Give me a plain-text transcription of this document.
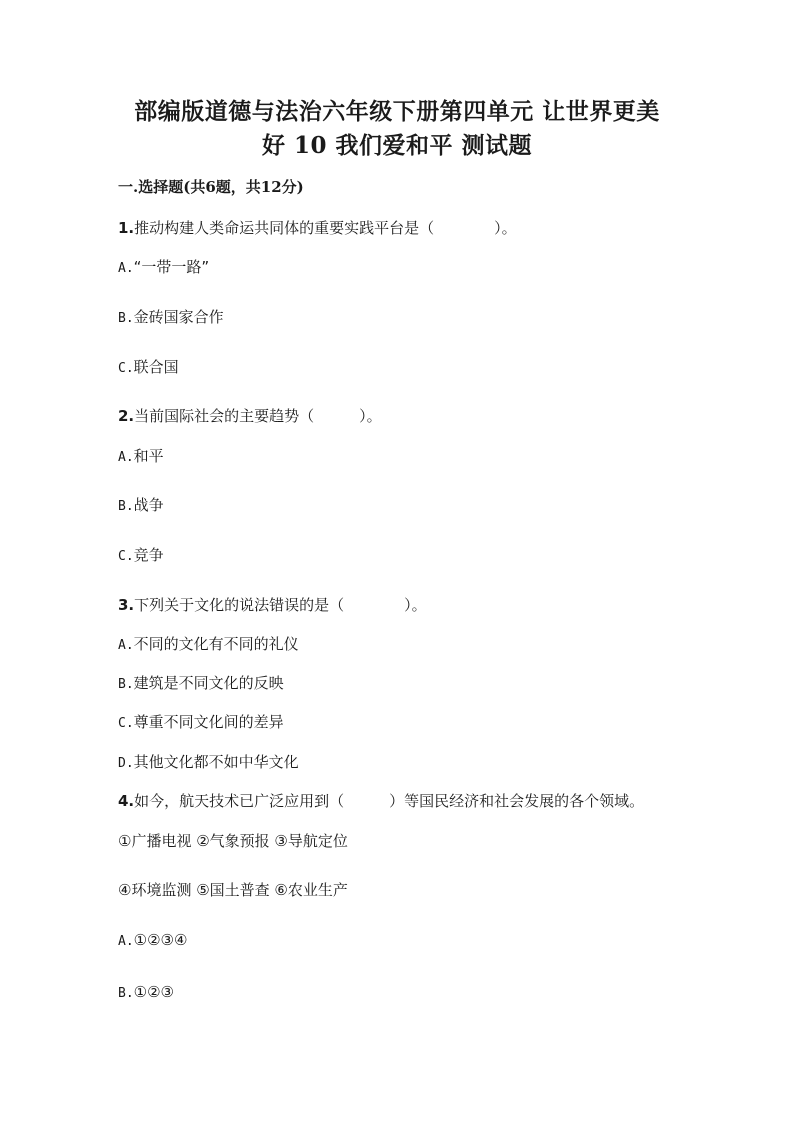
部编版道德与法治六年级下册第四单元 让世界更美
好 10 我们爱和平 测试题
一.选择题(共6题，共12分)
1.推动构建人类命运共同体的重要实践平台是（　　　　）。
A.“一带一路”
B.金砖国家合作
C.联合国
2.当前国际社会的主要趋势（　　　）。
A.和平
B.战争
C.竞争
3.下列关于文化的说法错误的是（　　　　）。
A.不同的文化有不同的礼仪
B.建筑是不同文化的反映
C.尊重不同文化间的差异
D.其他文化都不如中华文化
4.如今，航天技术已广泛应用到（　　　）等国民经济和社会发展的各个领域。
①广播电视 ②气象预报 ③导航定位
④环境监测 ⑤国土普查 ⑥农业生产
A.①②③④
B.①②③
